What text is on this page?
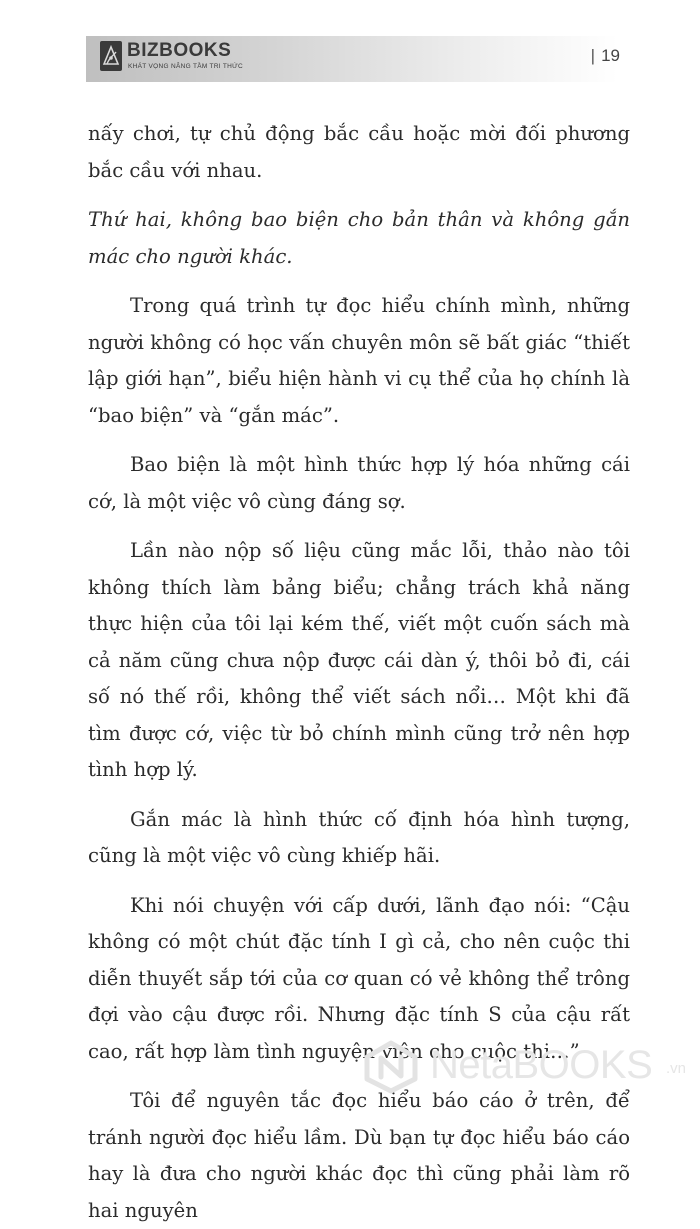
BIZBOOKS
KHÁT VỌNG NÂNG TẦM TRI THỨC
| 19

nấy chơi, tự chủ động bắc cầu hoặc mời đối phương bắc cầu với nhau.

Thứ hai, không bao biện cho bản thân và không gắn mác cho người khác.

Trong quá trình tự đọc hiểu chính mình, những người không có học vấn chuyên môn sẽ bất giác “thiết lập giới hạn”, biểu hiện hành vi cụ thể của họ chính là “bao biện” và “gắn mác”.

Bao biện là một hình thức hợp lý hóa những cái cớ, là một việc vô cùng đáng sợ.

Lần nào nộp số liệu cũng mắc lỗi, thảo nào tôi không thích làm bảng biểu; chẳng trách khả năng thực hiện của tôi lại kém thế, viết một cuốn sách mà cả năm cũng chưa nộp được cái dàn ý, thôi bỏ đi, cái số nó thế rồi, không thể viết sách nổi… Một khi đã tìm được cớ, việc từ bỏ chính mình cũng trở nên hợp tình hợp lý.

Gắn mác là hình thức cố định hóa hình tượng, cũng là một việc vô cùng khiếp hãi.

Khi nói chuyện với cấp dưới, lãnh đạo nói: “Cậu không có một chút đặc tính I gì cả, cho nên cuộc thi diễn thuyết sắp tới của cơ quan có vẻ không thể trông đợi vào cậu được rồi. Nhưng đặc tính S của cậu rất cao, rất hợp làm tình nguyện viên cho cuộc thi…”

Tôi để nguyên tắc đọc hiểu báo cáo ở trên, để tránh người đọc hiểu lầm. Dù bạn tự đọc hiểu báo cáo hay là đưa cho người khác đọc thì cũng phải làm rõ hai nguyên

NetaBOOKS .vn
